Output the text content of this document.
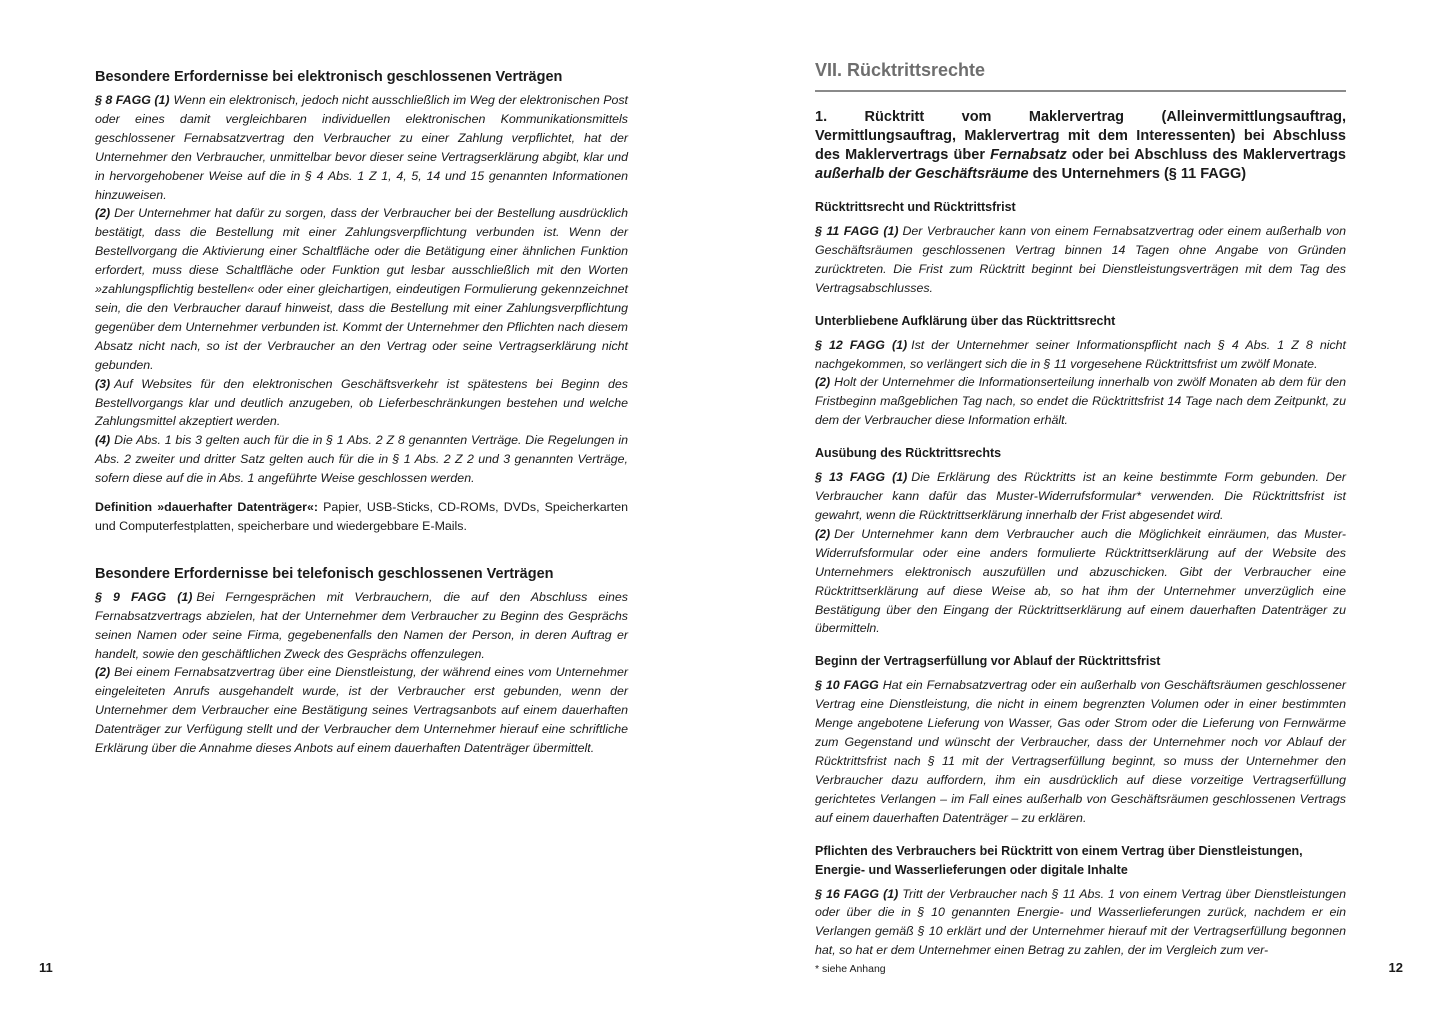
Besondere Erfordernisse bei elektronisch geschlossenen Verträgen

§ 8 FAGG (1) Wenn ein elektronisch, jedoch nicht ausschließlich im Weg der elektronischen Post oder eines damit vergleichbaren individuellen elektronischen Kommunikationsmittels geschlossener Fernabsatzvertrag den Verbraucher zu einer Zahlung verpflichtet, hat der Unternehmer den Verbraucher, unmittelbar bevor dieser seine Vertragserklärung abgibt, klar und in hervorgehobener Weise auf die in § 4 Abs. 1 Z 1, 4, 5, 14 und 15 genannten Informationen hinzuweisen.

(2) Der Unternehmer hat dafür zu sorgen, dass der Verbraucher bei der Bestellung ausdrücklich bestätigt, dass die Bestellung mit einer Zahlungsverpflichtung verbunden ist. Wenn der Bestellvorgang die Aktivierung einer Schaltfläche oder die Betätigung einer ähnlichen Funktion erfordert, muss diese Schaltfläche oder Funktion gut lesbar ausschließlich mit den Worten »zahlungspflichtig bestellen« oder einer gleichartigen, eindeutigen Formulierung gekennzeichnet sein, die den Verbraucher darauf hinweist, dass die Bestellung mit einer Zahlungsverpflichtung gegenüber dem Unternehmer verbunden ist. Kommt der Unternehmer den Pflichten nach diesem Absatz nicht nach, so ist der Verbraucher an den Vertrag oder seine Vertragserklärung nicht gebunden.

(3) Auf Websites für den elektronischen Geschäftsverkehr ist spätestens bei Beginn des Bestellvorgangs klar und deutlich anzugeben, ob Lieferbeschränkungen bestehen und welche Zahlungsmittel akzeptiert werden.

(4) Die Abs. 1 bis 3 gelten auch für die in § 1 Abs. 2 Z 8 genannten Verträge. Die Regelungen in Abs. 2 zweiter und dritter Satz gelten auch für die in § 1 Abs. 2 Z 2 und 3 genannten Verträge, sofern diese auf die in Abs. 1 angeführte Weise geschlossen werden.

Definition »dauerhafter Datenträger«: Papier, USB-Sticks, CD-ROMs, DVDs, Speicherkarten und Computerfestplatten, speicherbare und wiedergebbare E-Mails.

Besondere Erfordernisse bei telefonisch geschlossenen Verträgen

§ 9 FAGG (1) Bei Ferngesprächen mit Verbrauchern, die auf den Abschluss eines Fernabsatzvertrags abzielen, hat der Unternehmer dem Verbraucher zu Beginn des Gesprächs seinen Namen oder seine Firma, gegebenenfalls den Namen der Person, in deren Auftrag er handelt, sowie den geschäftlichen Zweck des Gesprächs offenzulegen.

(2) Bei einem Fernabsatzvertrag über eine Dienstleistung, der während eines vom Unternehmer eingeleiteten Anrufs ausgehandelt wurde, ist der Verbraucher erst gebunden, wenn der Unternehmer dem Verbraucher eine Bestätigung seines Vertragsanbots auf einem dauerhaften Datenträger zur Verfügung stellt und der Verbraucher dem Unternehmer hierauf eine schriftliche Erklärung über die Annahme dieses Anbots auf einem dauerhaften Datenträger übermittelt.

11
VII. Rücktrittsrechte
1. Rücktritt vom Maklervertrag (Alleinvermittlungsauftrag, Vermittlungsauftrag, Maklervertrag mit dem Interessenten) bei Abschluss des Maklervertrags über Fernabsatz oder bei Abschluss des Maklervertrags außerhalb der Geschäftsräume des Unternehmers (§ 11 FAGG)
Rücktrittsrecht und Rücktrittsfrist

§ 11 FAGG (1) Der Verbraucher kann von einem Fernabsatzvertrag oder einem außerhalb von Geschäftsräumen geschlossenen Vertrag binnen 14 Tagen ohne Angabe von Gründen zurücktreten. Die Frist zum Rücktritt beginnt bei Dienstleistungsverträgen mit dem Tag des Vertragsabschlusses.

Unterbliebene Aufklärung über das Rücktrittsrecht

§ 12 FAGG (1) Ist der Unternehmer seiner Informationspflicht nach § 4 Abs. 1 Z 8 nicht nachgekommen, so verlängert sich die in § 11 vorgesehene Rücktrittsfrist um zwölf Monate.

(2) Holt der Unternehmer die Informationserteilung innerhalb von zwölf Monaten ab dem für den Fristbeginn maßgeblichen Tag nach, so endet die Rücktrittsfrist 14 Tage nach dem Zeitpunkt, zu dem der Verbraucher diese Information erhält.

Ausübung des Rücktrittsrechts

§ 13 FAGG (1) Die Erklärung des Rücktritts ist an keine bestimmte Form gebunden. Der Verbraucher kann dafür das Muster-Widerrufsformular* verwenden. Die Rücktrittsfrist ist gewahrt, wenn die Rücktrittserklärung innerhalb der Frist abgesendet wird.

(2) Der Unternehmer kann dem Verbraucher auch die Möglichkeit einräumen, das Muster-Widerrufsformular oder eine anders formulierte Rücktrittserklärung auf der Website des Unternehmers elektronisch auszufüllen und abzuschicken. Gibt der Verbraucher eine Rücktrittserklärung auf diese Weise ab, so hat ihm der Unternehmer unverzüglich eine Bestätigung über den Eingang der Rücktrittserklärung auf einem dauerhaften Datenträger zu übermitteln.

Beginn der Vertragserfüllung vor Ablauf der Rücktrittsfrist

§ 10 FAGG Hat ein Fernabsatzvertrag oder ein außerhalb von Geschäftsräumen geschlossener Vertrag eine Dienstleistung, die nicht in einem begrenzten Volumen oder in einer bestimmten Menge angebotene Lieferung von Wasser, Gas oder Strom oder die Lieferung von Fernwärme zum Gegenstand und wünscht der Verbraucher, dass der Unternehmer noch vor Ablauf der Rücktrittsfrist nach § 11 mit der Vertragserfüllung beginnt, so muss der Unternehmer den Verbraucher dazu auffordern, ihm ein ausdrücklich auf diese vorzeitige Vertragserfüllung gerichtetes Verlangen – im Fall eines außerhalb von Geschäftsräumen geschlossenen Vertrags auf einem dauerhaften Datenträger – zu erklären.

Pflichten des Verbrauchers bei Rücktritt von einem Vertrag über Dienstleistungen, Energie- und Wasserlieferungen oder digitale Inhalte

§ 16 FAGG (1) Tritt der Verbraucher nach § 11 Abs. 1 von einem Vertrag über Dienstleistungen oder über die in § 10 genannten Energie- und Wasserlieferungen zurück, nachdem er ein Verlangen gemäß § 10 erklärt und der Unternehmer hierauf mit der Vertragserfüllung begonnen hat, so hat er dem Unternehmer einen Betrag zu zahlen, der im Vergleich zum ver-

* siehe Anhang	12
